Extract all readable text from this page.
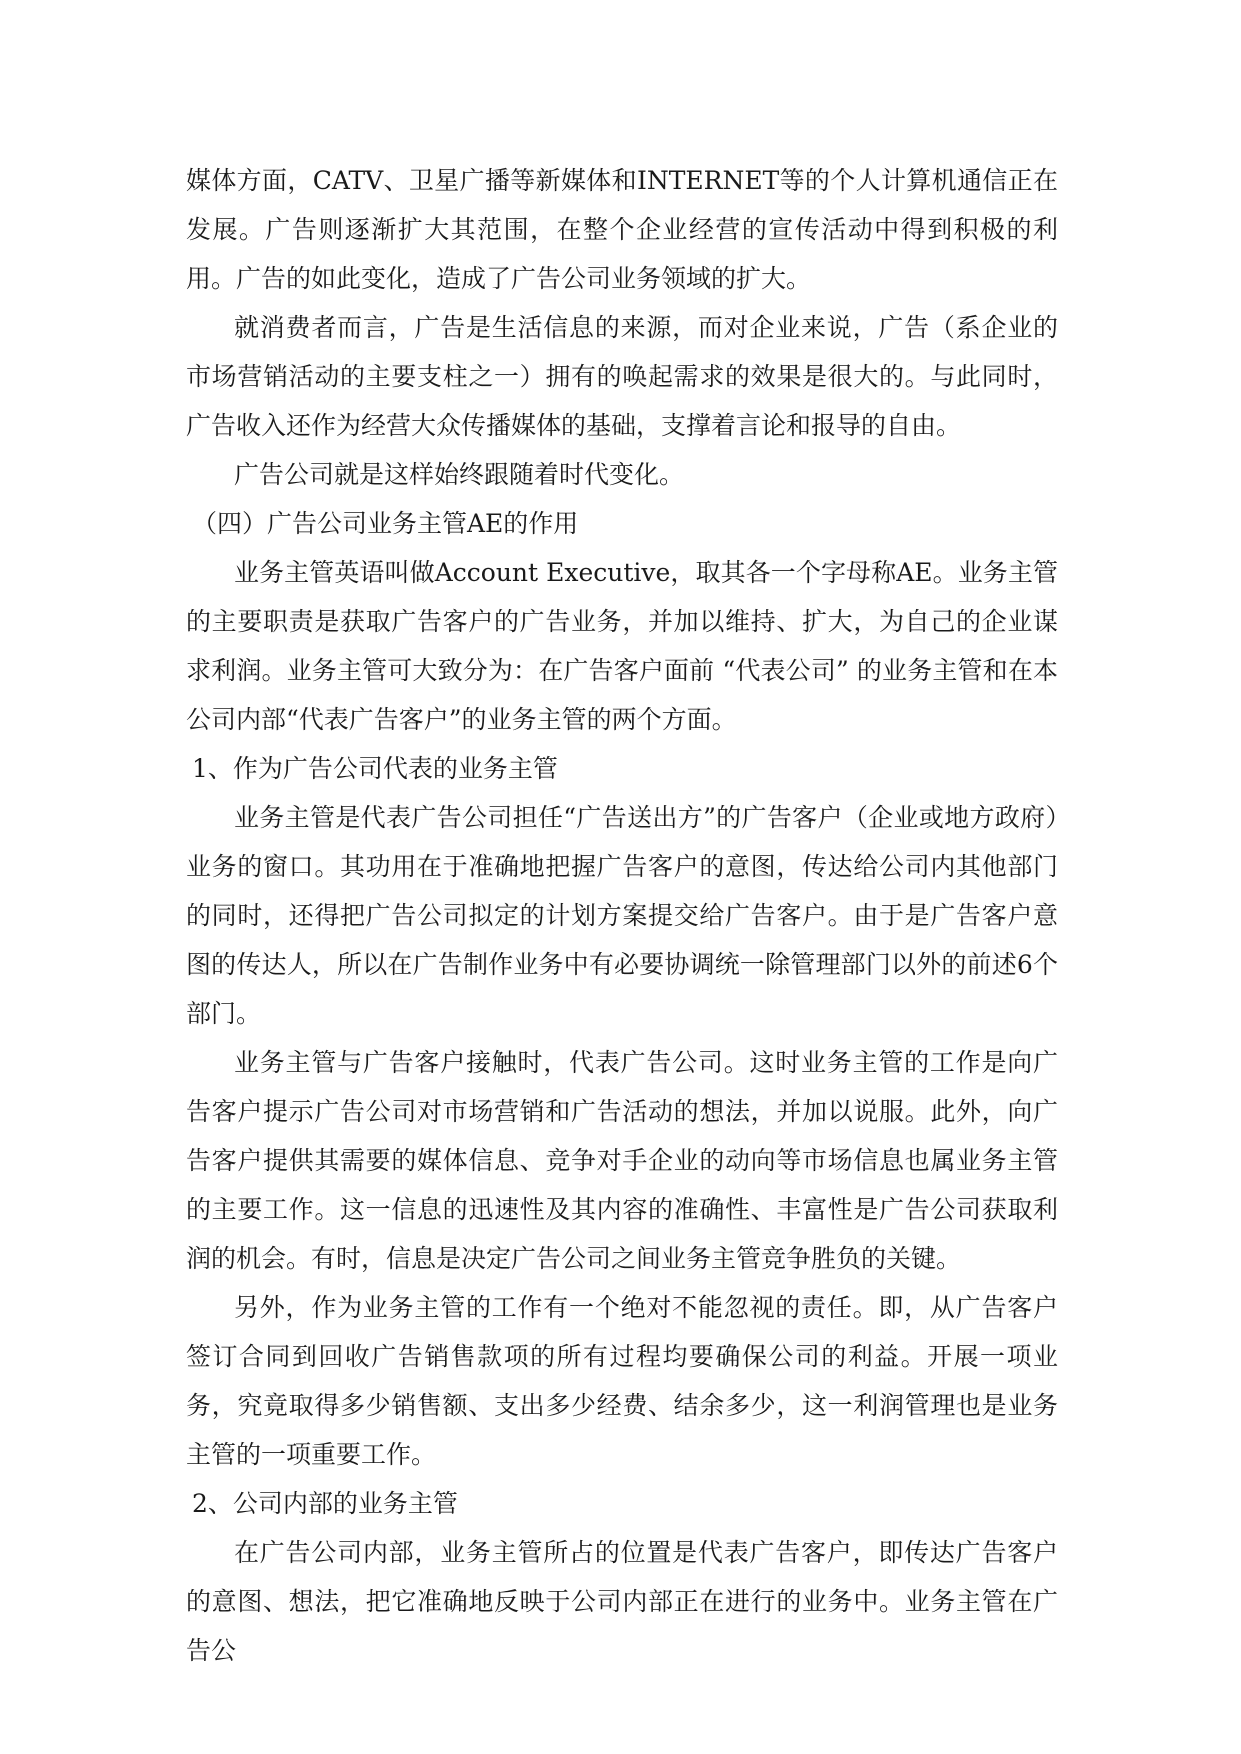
媒体方面，CATV、卫星广播等新媒体和INTERNET等的个人计算机通信正在发展。广告则逐渐扩大其范围，在整个企业经营的宣传活动中得到积极的利用。广告的如此变化，造成了广告公司业务领域的扩大。

就消费者而言，广告是生活信息的来源，而对企业来说，广告（系企业的市场营销活动的主要支柱之一）拥有的唤起需求的效果是很大的。与此同时，广告收入还作为经营大众传播媒体的基础，支撑着言论和报导的自由。

广告公司就是这样始终跟随着时代变化。

（四）广告公司业务主管AE的作用

业务主管英语叫做Account Executive，取其各一个字母称AE。业务主管的主要职责是获取广告客户的广告业务，并加以维持、扩大，为自己的企业谋求利润。业务主管可大致分为：在广告客户面前 “代表公司” 的业务主管和在本公司内部“代表广告客户”的业务主管的两个方面。

1、作为广告公司代表的业务主管

业务主管是代表广告公司担任“广告送出方”的广告客户（企业或地方政府）业务的窗口。其功用在于准确地把握广告客户的意图，传达给公司内其他部门的同时，还得把广告公司拟定的计划方案提交给广告客户。由于是广告客户意图的传达人，所以在广告制作业务中有必要协调统一除管理部门以外的前述6个部门。

业务主管与广告客户接触时，代表广告公司。这时业务主管的工作是向广告客户提示广告公司对市场营销和广告活动的想法，并加以说服。此外，向广告客户提供其需要的媒体信息、竞争对手企业的动向等市场信息也属业务主管的主要工作。这一信息的迅速性及其内容的准确性、丰富性是广告公司获取利润的机会。有时，信息是决定广告公司之间业务主管竞争胜负的关键。

另外，作为业务主管的工作有一个绝对不能忽视的责任。即，从广告客户签订合同到回收广告销售款项的所有过程均要确保公司的利益。开展一项业务，究竟取得多少销售额、支出多少经费、结余多少，这一利润管理也是业务主管的一项重要工作。

2、公司内部的业务主管

在广告公司内部，业务主管所占的位置是代表广告客户，即传达广告客户的意图、想法，把它准确地反映于公司内部正在进行的业务中。业务主管在广告公
